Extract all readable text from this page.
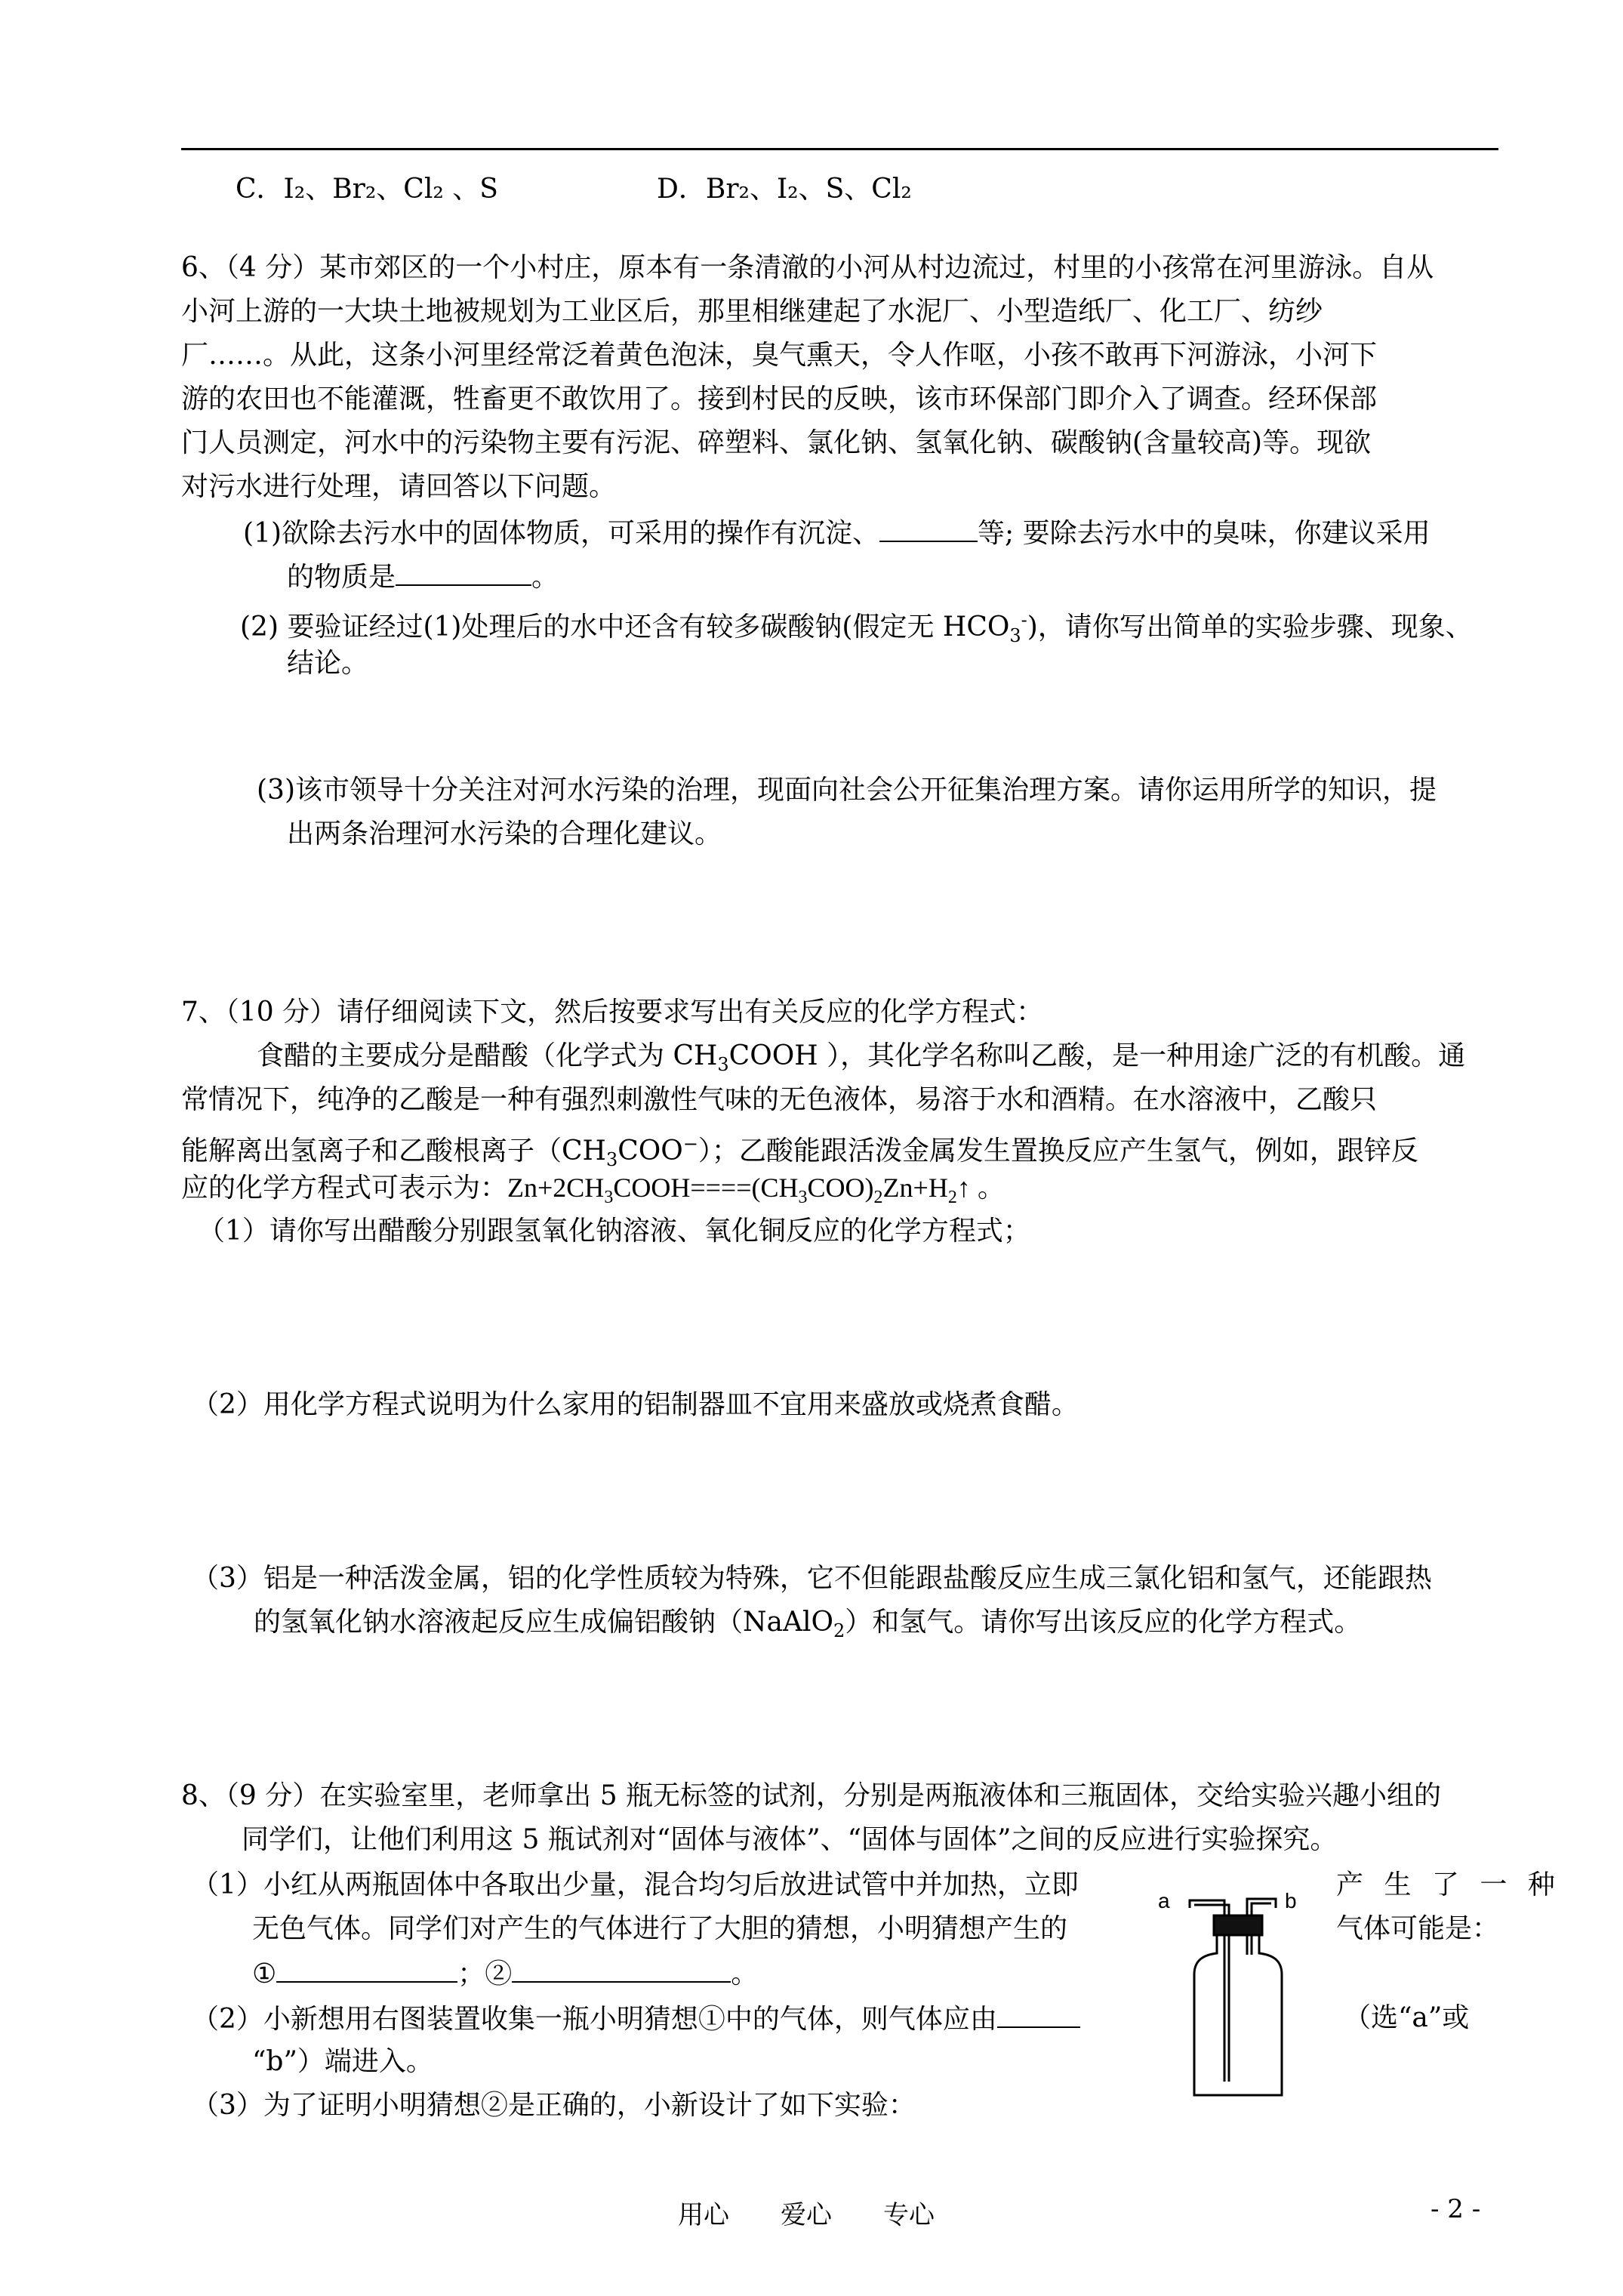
C．I₂、Br₂、Cl₂ 、S	D．Br₂、I₂、S、Cl₂
6、（4 分）某市郊区的一个小村庄，原本有一条清澈的小河从村边流过，村里的小孩常在河里游泳。自从
小河上游的一大块土地被规划为工业区后，那里相继建起了水泥厂、小型造纸厂、化工厂、纺纱
厂……。从此，这条小河里经常泛着黄色泡沫，臭气熏天，令人作呕，小孩不敢再下河游泳，小河下
游的农田也不能灌溉，牲畜更不敢饮用了。接到村民的反映，该市环保部门即介入了调查。经环保部
门人员测定，河水中的污染物主要有污泥、碎塑料、氯化钠、氢氧化钠、碳酸钠(含量较高)等。现欲
对污水进行处理，请回答以下问题。
(1)欲除去污水中的固体物质，可采用的操作有沉淀、	等; 要除去污水中的臭味，你建议采用
的物质是	。
(2) 要验证经过(1)处理后的水中还含有较多碳酸钠(假定无 $HCO_3^-$)，请你写出简单的实验步骤、现象、
结论。
(3)该市领导十分关注对河水污染的治理，现面向社会公开征集治理方案。请你运用所学的知识，提
出两条治理河水污染的合理化建议。
7、（10 分）请仔细阅读下文，然后按要求写出有关反应的化学方程式：
食醋的主要成分是醋酸（化学式为 $CH_3COOH$ ），其化学名称叫乙酸，是一种用途广泛的有机酸。通
常情况下，纯净的乙酸是一种有强烈刺激性气味的无色液体，易溶于水和酒精。在水溶液中，乙酸只
能解离出氢离子和乙酸根离子$(CH_3COO^-)$；乙酸能跟活泼金属发生置换反应产生氢气，例如，跟锌反
应的化学方程式可表示为：$Zn+2CH_3COOH====(CH_3COO)_2Zn+H_2↑$ 。
（1）请你写出醋酸分别跟氢氧化钠溶液、氧化铜反应的化学方程式；
（2）用化学方程式说明为什么家用的铝制器皿不宜用来盛放或烧煮食醋。
（3）铝是一种活泼金属，铝的化学性质较为特殊，它不但能跟盐酸反应生成三氯化铝和氢气，还能跟热
的氢氧化钠水溶液起反应生成偏铝酸钠（NaAlO$_2$）和氢气。请你写出该反应的化学方程式。
8、（9 分）在实验室里，老师拿出 5 瓶无标签的试剂，分别是两瓶液体和三瓶固体，交给实验兴趣小组的
同学们，让他们利用这 5 瓶试剂对“固体与液体”、“固体与固体”之间的反应进行实验探究。
（1）小红从两瓶固体中各取出少量，混合均匀后放进试管中并加热，立即	产 生 了 一 种
无色气体。同学们对产生的气体进行了大胆的猜想，小明猜想产生的	气体可能是：
①	；②	。
（2）小新想用右图装置收集一瓶小明猜想①中的气体，则气体应由	（选“a”或
“b”）端进入。
（3）为了证明小明猜想②是正确的，小新设计了如下实验：
a	b
用心　　爱心　　专心	- 2 -
